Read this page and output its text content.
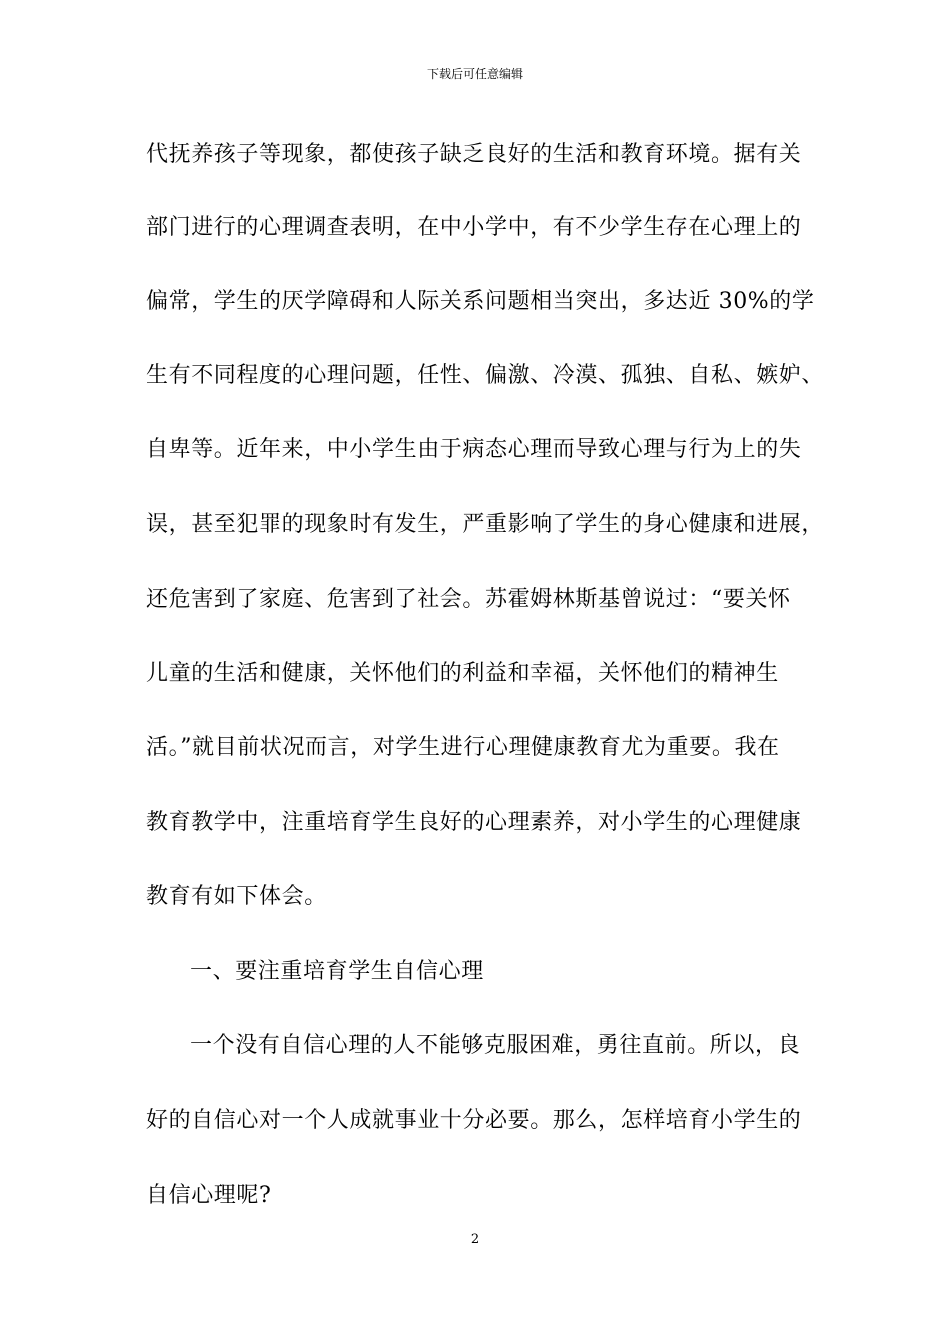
下载后可任意编辑
代抚养孩子等现象，都使孩子缺乏良好的生活和教育环境。据有关
部门进行的心理调查表明，在中小学中，有不少学生存在心理上的
偏常，学生的厌学障碍和人际关系问题相当突出，多达近 30%的学
生有不同程度的心理问题，任性、偏激、冷漠、孤独、自私、嫉妒、
自卑等。近年来，中小学生由于病态心理而导致心理与行为上的失
误，甚至犯罪的现象时有发生，严重影响了学生的身心健康和进展，
还危害到了家庭、危害到了社会。苏霍姆林斯基曾说过：“要关怀
儿童的生活和健康，关怀他们的利益和幸福，关怀他们的精神生
活。”就目前状况而言，对学生进行心理健康教育尤为重要。我在
教育教学中，注重培育学生良好的心理素养，对小学生的心理健康
教育有如下体会。
一、要注重培育学生自信心理
一个没有自信心理的人不能够克服困难，勇往直前。所以，良
好的自信心对一个人成就事业十分必要。那么，怎样培育小学生的
自信心理呢?
2
